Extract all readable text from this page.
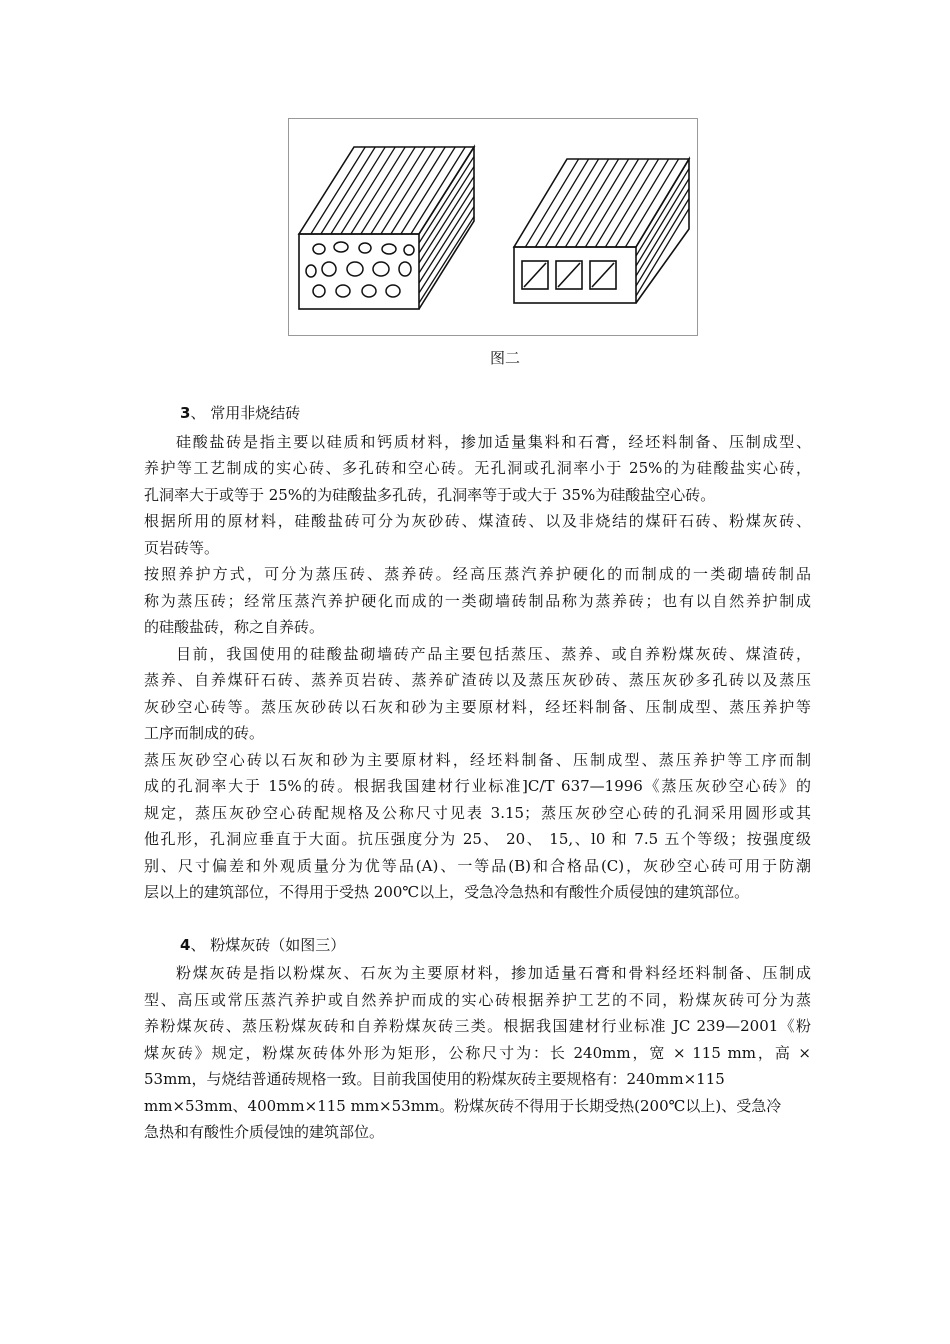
图二
3、 常用非烧结砖
硅酸盐砖是指主要以硅质和钙质材料，掺加适量集料和石膏，经坯料制备、压制成型、
养护等工艺制成的实心砖、多孔砖和空心砖。无孔洞或孔洞率小于 25%的为硅酸盐实心砖，
孔洞率大于或等于 25%的为硅酸盐多孔砖，孔洞率等于或大于 35%为硅酸盐空心砖。
根据所用的原材料，硅酸盐砖可分为灰砂砖、煤渣砖、以及非烧结的煤矸石砖、粉煤灰砖、
页岩砖等。
按照养护方式，可分为蒸压砖、蒸养砖。经高压蒸汽养护硬化的而制成的一类砌墙砖制品
称为蒸压砖；经常压蒸汽养护硬化而成的一类砌墙砖制品称为蒸养砖；也有以自然养护制成
的硅酸盐砖，称之自养砖。
目前，我国使用的硅酸盐砌墙砖产品主要包括蒸压、蒸养、或自养粉煤灰砖、煤渣砖，
蒸养、自养煤矸石砖、蒸养页岩砖、蒸养矿渣砖以及蒸压灰砂砖、蒸压灰砂多孔砖以及蒸压
灰砂空心砖等。蒸压灰砂砖以石灰和砂为主要原材料，经坯料制备、压制成型、蒸压养护等
工序而制成的砖。
蒸压灰砂空心砖以石灰和砂为主要原材料，经坯料制备、压制成型、蒸压养护等工序而制
成的孔洞率大于 15%的砖。根据我国建材行业标准]C/T 637—1996《蒸压灰砂空心砖》的
规定，蒸压灰砂空心砖配规格及公称尺寸见表 3.15；蒸压灰砂空心砖的孔洞采用圆形或其
他孔形，孔洞应垂直于大面。抗压强度分为 25、 20、 15,、l0 和 7.5 五个等级；按强度级
别、尺寸偏差和外观质量分为优等品(A)、一等品(B)和合格品(C)，灰砂空心砖可用于防潮
层以上的建筑部位，不得用于受热 200℃以上，受急冷急热和有酸性介质侵蚀的建筑部位。
4、 粉煤灰砖（如图三）
粉煤灰砖是指以粉煤灰、石灰为主要原材料，掺加适量石膏和骨料经坯料制备、压制成
型、高压或常压蒸汽养护或自然养护而成的实心砖根据养护工艺的不同，粉煤灰砖可分为蒸
养粉煤灰砖、蒸压粉煤灰砖和自养粉煤灰砖三类。根据我国建材行业标准 JC 239—2001《粉
煤灰砖》规定，粉煤灰砖体外形为矩形，公称尺寸为：长 240mm，宽 × 115 mm，高 ×
53mm，与烧结普通砖规格一致。目前我国使用的粉煤灰砖主要规格有：240mm×115
mm×53mm、400mm×115 mm×53mm。粉煤灰砖不得用于长期受热(200℃以上)、受急冷
急热和有酸性介质侵蚀的建筑部位。
